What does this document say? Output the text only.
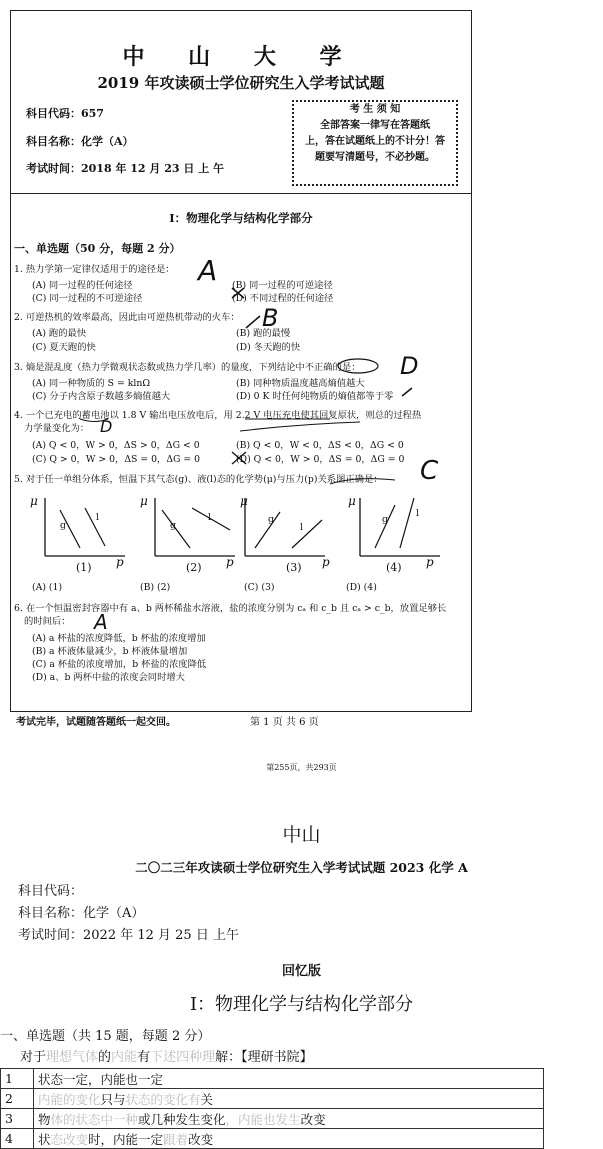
中 山 大 学
2019 年攻读硕士学位研究生入学考试试题
科目代码：657
科目名称：化学（A）
考试时间：2018 年 12 月 23 日 上 午
考 生 须 知
全部答案一律写在答题纸
上，答在试题纸上的不计分！答
题要写清题号，不必抄题。
I：物理化学与结构化学部分
一、单选题（50 分，每题 2 分）
1. 热力学第一定律仅适用于的途径是：
(A) 同一过程的任何途径	(B) 同一过程的可逆途径
(C) 同一过程的不可逆途径	(D) 不同过程的任何途径
2. 可逆热机的效率最高，因此由可逆热机带动的火车：
(A) 跑的最快	(B) 跑的最慢
(C) 夏天跑的快	(D) 冬天跑的快
3. 熵是混乱度（热力学微观状态数或热力学几率）的量度，下列结论中不正确的是：
(A) 同一种物质的 S = klnΩ	(B) 同种物质温度越高熵值越大
(C) 分子内含原子数越多熵值越大	(D) 0 K 时任何纯物质的熵值都等于零
4. 一个已充电的蓄电池以 1.8 V 输出电压放电后，用 2.2 V 电压充电使其回复原状，则总的过程热
力学量变化为：
(A) Q < 0，W > 0，ΔS > 0，ΔG < 0	(B) Q < 0，W < 0，ΔS < 0，ΔG < 0
(C) Q > 0，W > 0，ΔS = 0，ΔG = 0	(D) Q < 0，W > 0，ΔS = 0，ΔG = 0
5. 对于任一单组分体系，恒温下其气态(g)、液(l)态的化学势(μ)与压力(p)关系图正确是：
μ	μ	μ	μ
g
l
g
l	g
l
g
l
(1) p	(2) p	(3) p	(4) p
(A) (1)	(B) (2)	(C) (3)	(D) (4)
6. 在一个恒温密封容器中有 a、b 两杯稀盐水溶液，盐的浓度分别为 cₐ 和 c_b 且 cₐ > c_b，放置足够长
的时间后：
(A) a 杯盐的浓度降低，b 杯盐的浓度增加
(B) a 杯液体量减少，b 杯液体量增加
(C) a 杯盐的浓度增加，b 杯盐的浓度降低
(D) a、b 两杯中盐的浓度会同时增大
A
B
D
D
C
A
考试完毕，试题随答题纸一起交回。	第 1 页 共 6 页
第255页，共293页
中山
二〇二三年攻读硕士学位研究生入学考试试题 2023 化学 A
科目代码：
科目名称：化学（A）
考试时间：2022 年 12 月 25 日 上午
回忆版
I：物理化学与结构化学部分
一、单选题（共 15 题，每题 2 分）
对于理想气体的内能有下述四种理解：【理研书院】
1	状态一定，内能也一定
2	内能的变化只与状态的变化有关
3	物体的状态中一种或几种发生变化，内能也发生改变
4	状态改变时，内能一定跟着改变
